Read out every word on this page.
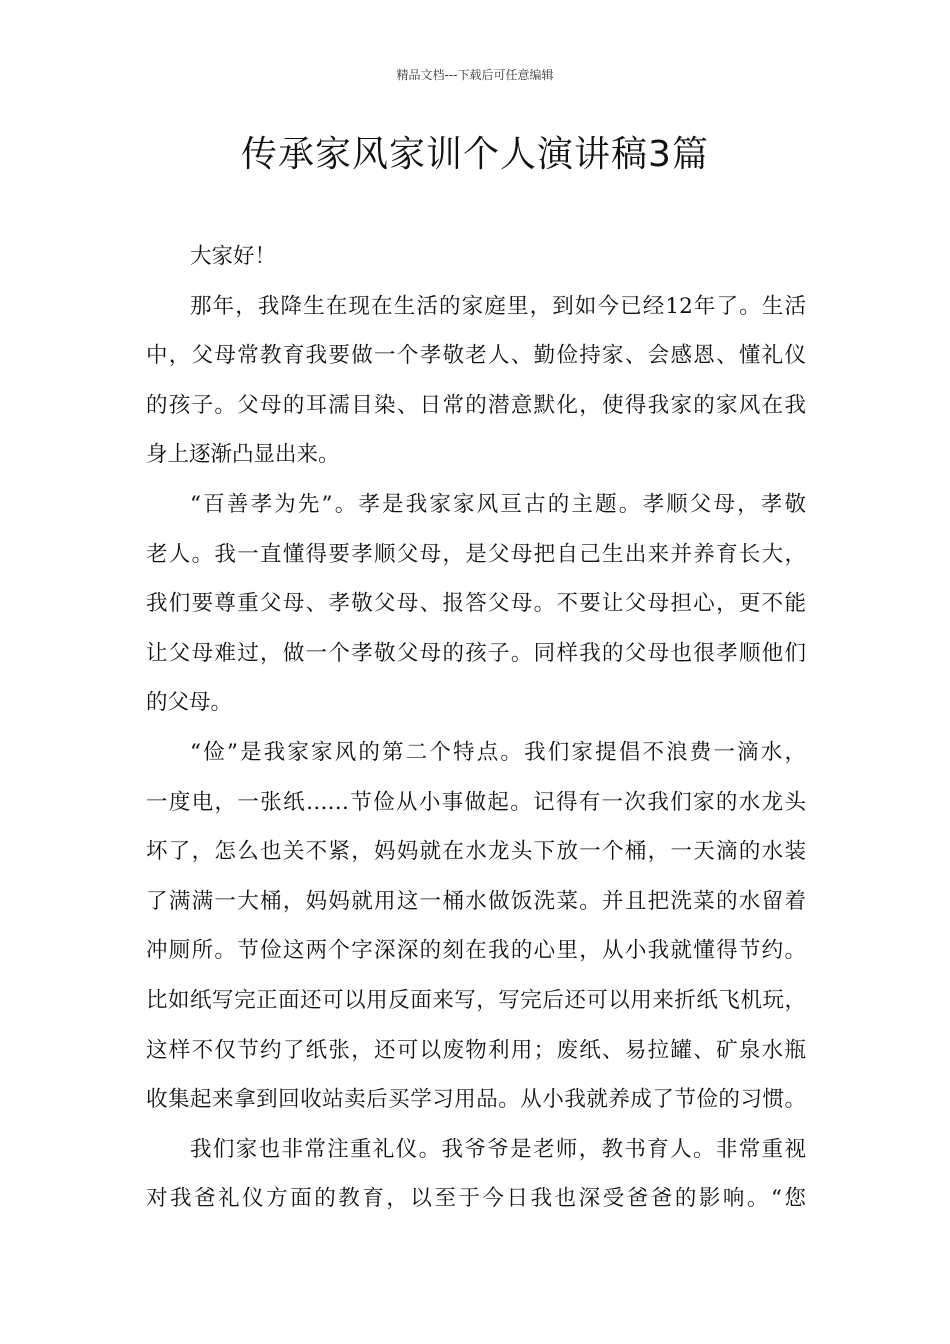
精品文档---下载后可任意编辑
传承家风家训个人演讲稿3篇
大家好！
那年，我降生在现在生活的家庭里，到如今已经12年了。生活
中，父母常教育我要做一个孝敬老人、勤俭持家、会感恩、懂礼仪
的孩子。父母的耳濡目染、日常的潜意默化，使得我家的家风在我
身上逐渐凸显出来。
“百善孝为先”。孝是我家家风亘古的主题。孝顺父母，孝敬
老人。我一直懂得要孝顺父母，是父母把自己生出来并养育长大，
我们要尊重父母、孝敬父母、报答父母。不要让父母担心，更不能
让父母难过，做一个孝敬父母的孩子。同样我的父母也很孝顺他们
的父母。
“俭”是我家家风的第二个特点。我们家提倡不浪费一滴水，
一度电，一张纸……节俭从小事做起。记得有一次我们家的水龙头
坏了，怎么也关不紧，妈妈就在水龙头下放一个桶，一天滴的水装
了满满一大桶，妈妈就用这一桶水做饭洗菜。并且把洗菜的水留着
冲厕所。节俭这两个字深深的刻在我的心里，从小我就懂得节约。
比如纸写完正面还可以用反面来写，写完后还可以用来折纸飞机玩，
这样不仅节约了纸张，还可以废物利用；废纸、易拉罐、矿泉水瓶
收集起来拿到回收站卖后买学习用品。从小我就养成了节俭的习惯。
我们家也非常注重礼仪。我爷爷是老师，教书育人。非常重视
对我爸礼仪方面的教育，以至于今日我也深受爸爸的影响。“您
